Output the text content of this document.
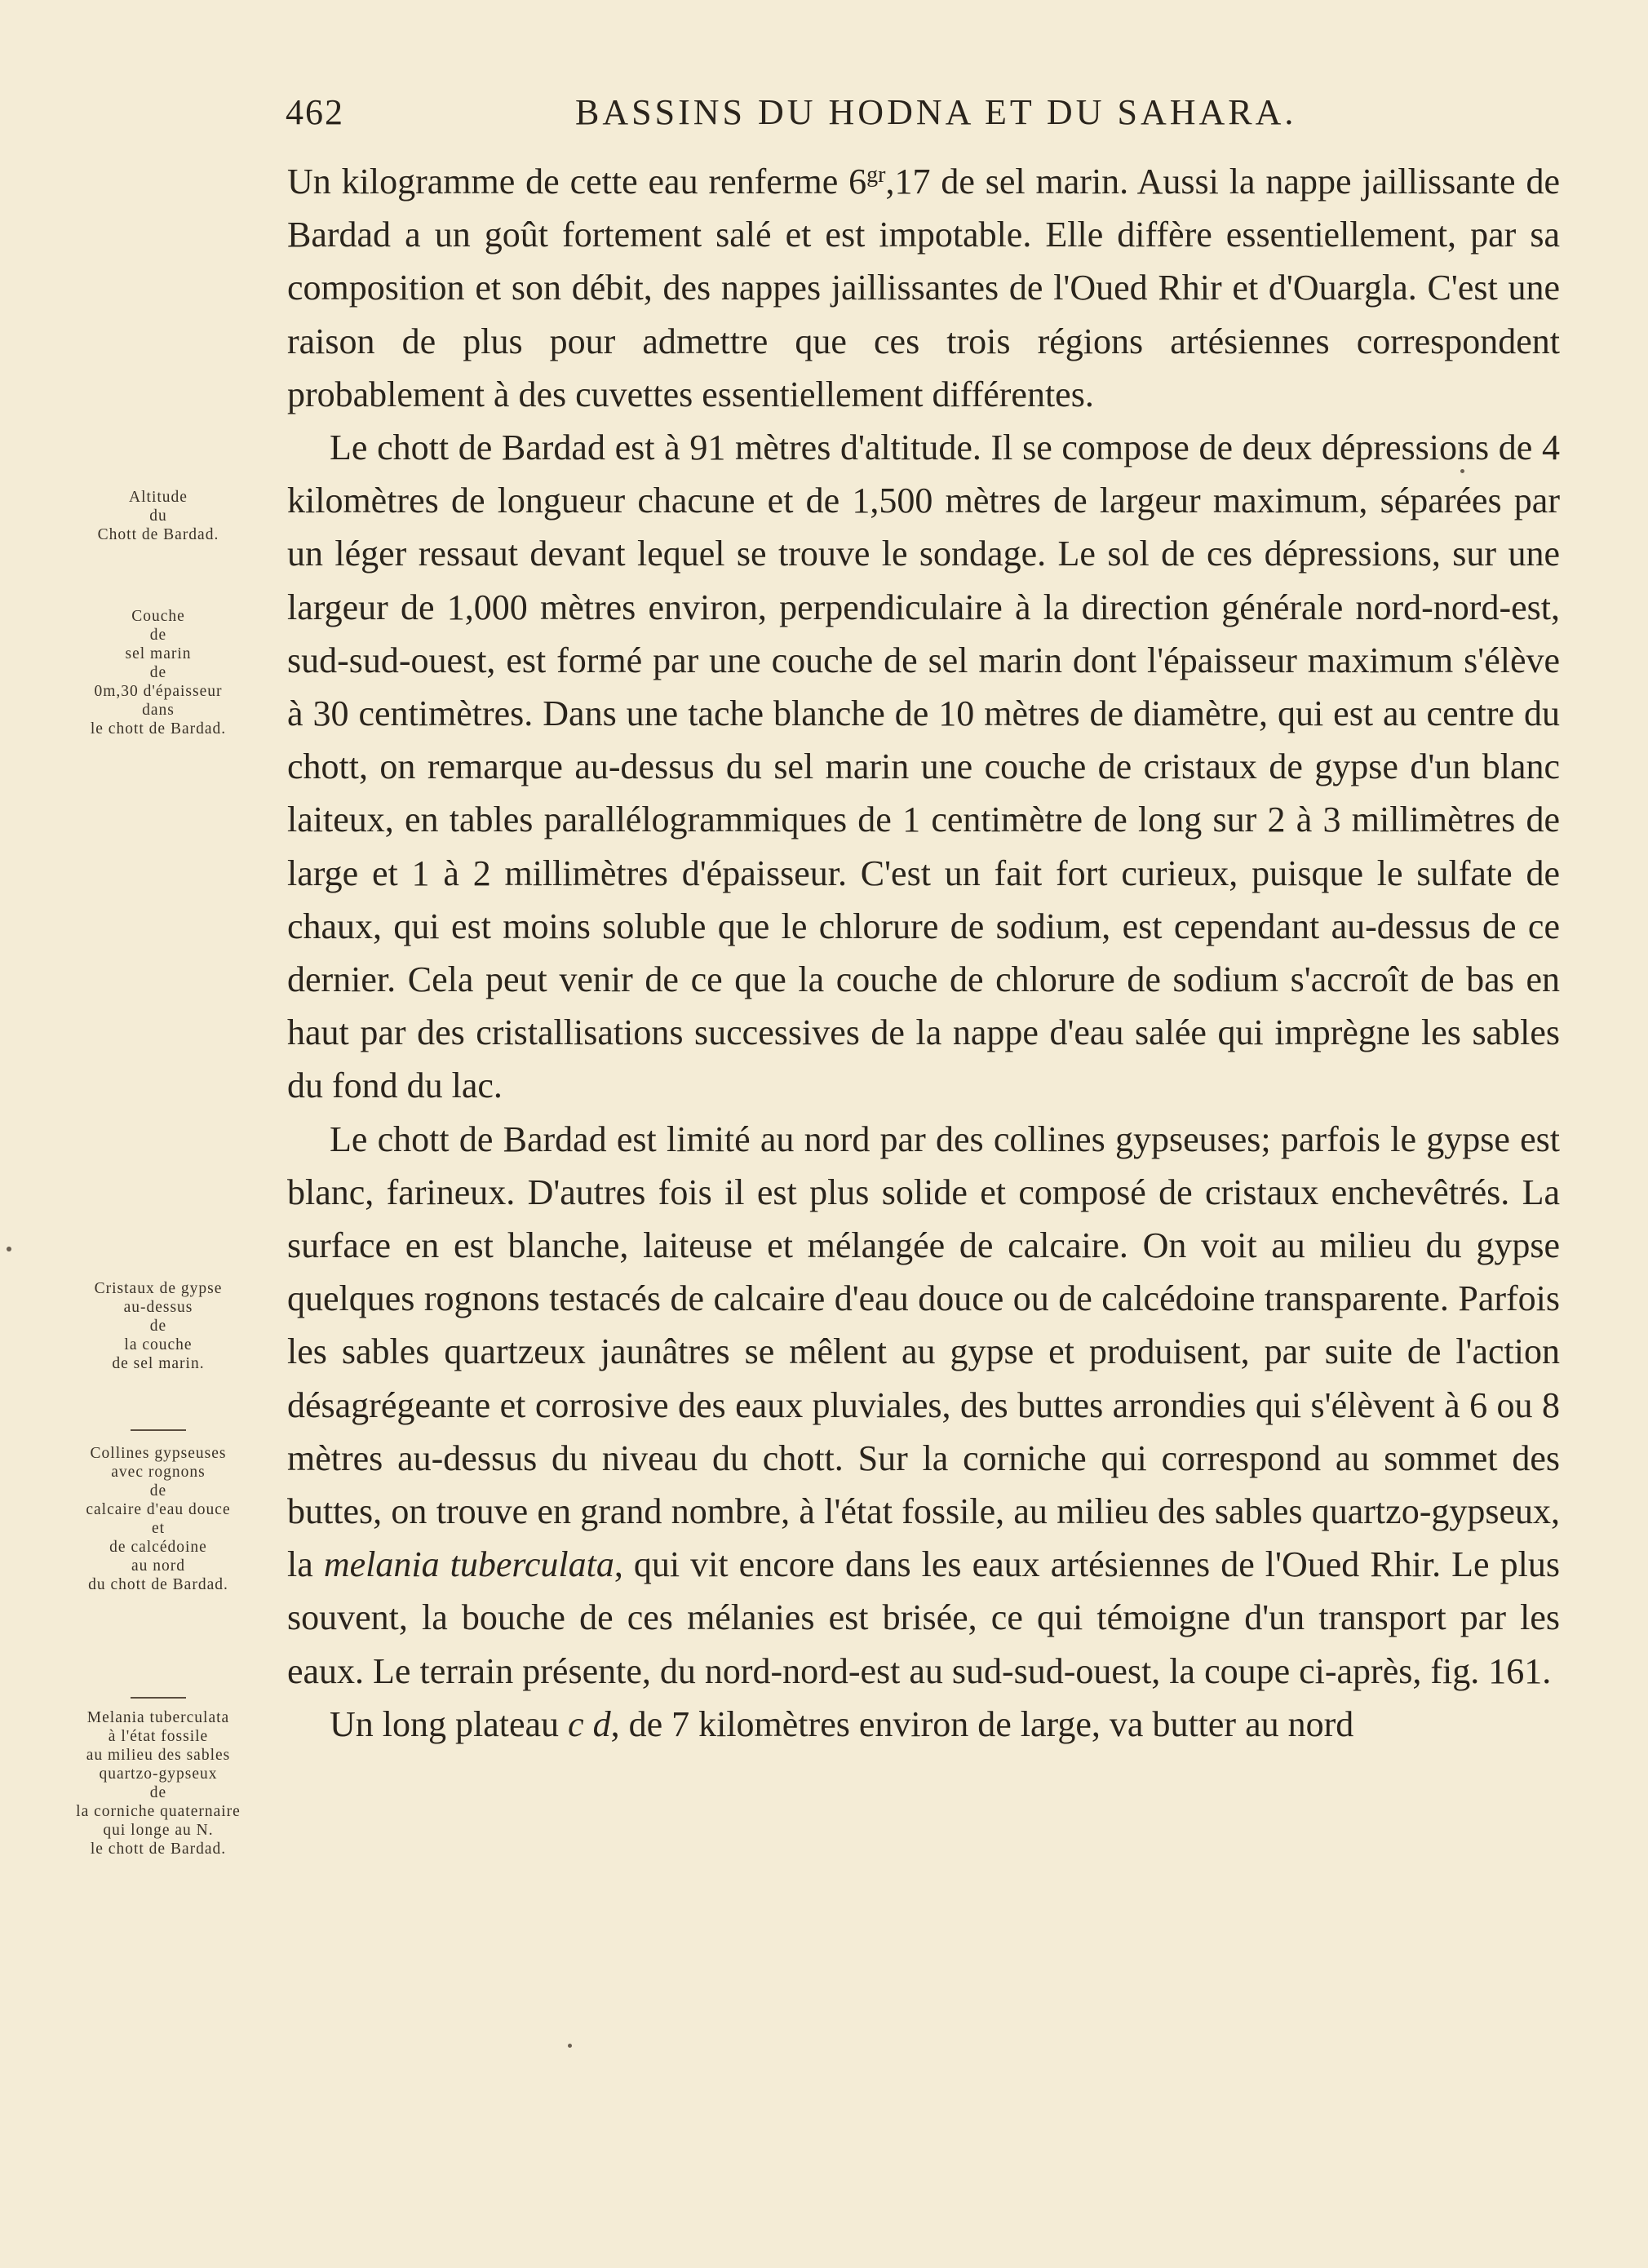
462	BASSINS DU HODNA ET DU SAHARA.
Altitude
du
Chott de Bardad.
Couche
de
sel marin
de
0m,30 d'épaisseur
dans
le chott de Bardad.
Cristaux de gypse
au-dessus
de
la couche
de sel marin.
Collines gypseuses
avec rognons
de
calcaire d'eau douce
et
de calcédoine
au nord
du chott de Bardad.
Melania tuberculata
à l'état fossile
au milieu des sables
quartzo-gypseux
de
la corniche quaternaire
qui longe au N.
le chott de Bardad.

Un kilogramme de cette eau renferme $6^{gr},17$ de sel marin. Aussi la nappe jaillissante de Bardad a un goût fortement salé et est impotable. Elle diffère essentiellement, par sa composition et son débit, des nappes jaillissantes de l'Oued Rhir et d'Ouargla. C'est une raison de plus pour admettre que ces trois régions artésiennes correspondent probablement à des cuvettes essentiellement différentes.

Le chott de Bardad est à 91 mètres d'altitude. Il se compose de deux dépressions de 4 kilomètres de longueur chacune et de 1,500 mètres de largeur maximum, séparées par un léger ressaut devant lequel se trouve le sondage. Le sol de ces dépressions, sur une largeur de 1,000 mètres environ, perpendiculaire à la direction générale nord-nord-est, sud-sud-ouest, est formé par une couche de sel marin dont l'épaisseur maximum s'élève à 30 centimètres. Dans une tache blanche de 10 mètres de diamètre, qui est au centre du chott, on remarque au-dessus du sel marin une couche de cristaux de gypse d'un blanc laiteux, en tables parallélogrammiques de 1 centimètre de long sur 2 à 3 millimètres de large et 1 à 2 millimètres d'épaisseur. C'est un fait fort curieux, puisque le sulfate de chaux, qui est moins soluble que le chlorure de sodium, est cependant au-dessus de ce dernier. Cela peut venir de ce que la couche de chlorure de sodium s'accroît de bas en haut par des cristallisations successives de la nappe d'eau salée qui imprègne les sables du fond du lac.

Le chott de Bardad est limité au nord par des collines gypseuses; parfois le gypse est blanc, farineux. D'autres fois il est plus solide et composé de cristaux enchevêtrés. La surface en est blanche, laiteuse et mélangée de calcaire. On voit au milieu du gypse quelques rognons testacés de calcaire d'eau douce ou de calcédoine transparente. Parfois les sables quartzeux jaunâtres se mêlent au gypse et produisent, par suite de l'action désagrégeante et corrosive des eaux pluviales, des buttes arrondies qui s'élèvent à 6 ou 8 mètres au-dessus du niveau du chott. Sur la corniche qui correspond au sommet des buttes, on trouve en grand nombre, à l'état fossile, au milieu des sables quartzo-gypseux, la melania tuberculata, qui vit encore dans les eaux artésiennes de l'Oued Rhir. Le plus souvent, la bouche de ces mélanies est brisée, ce qui témoigne d'un transport par les eaux. Le terrain présente, du nord-nord-est au sud-sud-ouest, la coupe ci-après, fig. 161.

Un long plateau c d, de 7 kilomètres environ de large, va butter au nord
